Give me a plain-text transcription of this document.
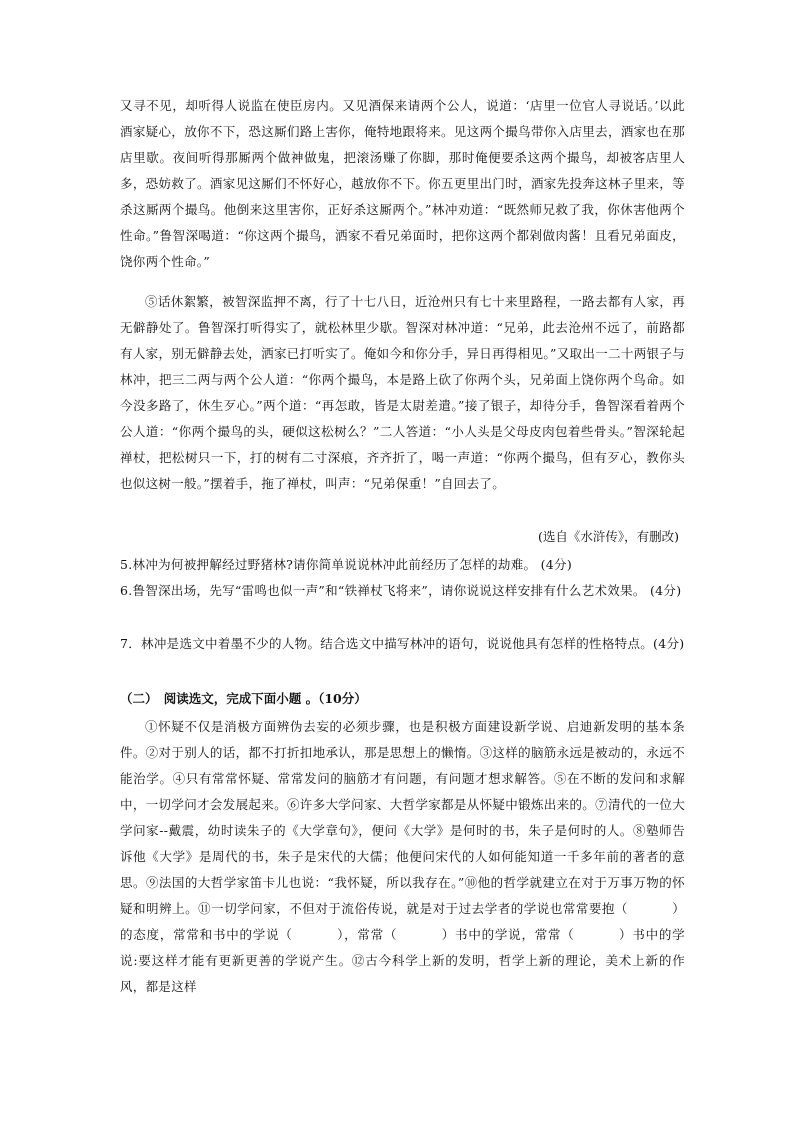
又寻不见，却听得人说监在使臣房内。又见酒保来请两个公人，说道：‘店里一位官人寻说话。’以此酒家疑心，放你不下，恐这厮们路上害你，俺特地跟将来。见这两个撮鸟带你入店里去，酒家也在那店里歇。夜间听得那厮两个做神做鬼，把滚汤赚了你脚，那时俺便要杀这两个撮鸟，却被客店里人多，恐妨救了。酒家见这厮们不怀好心，越放你不下。你五更里出门时，酒家先投奔这林子里来，等杀这厮两个撮鸟。他倒来这里害你，正好杀这厮两个。”林冲劝道：“既然师兄救了我，你休害他两个性命。”鲁智深喝道：“你这两个撮鸟，洒家不看兄弟面时，把你这两个都剁做肉酱！且看兄弟面皮，饶你两个性命。”

⑤话休絮繁，被智深监押不离，行了十七八日，近沧州只有七十来里路程，一路去都有人家，再无僻静处了。鲁智深打听得实了，就松林里少歇。智深对林冲道：“兄弟，此去沧州不远了，前路都有人家，别无僻静去处，洒家已打听实了。俺如今和你分手，异日再得相见。”又取出一二十两银子与林冲，把三二两与两个公人道：“你两个撮鸟，本是路上砍了你两个头，兄弟面上饶你两个鸟命。如今没多路了，休生歹心。”两个道：“再怎敢，皆是太尉差遣。”接了银子，却待分手，鲁智深看着两个公人道：“你两个撮鸟的头，硬似这松树么？”二人答道：“小人头是父母皮肉包着些骨头。”智深轮起禅杖，把松树只一下，打的树有二寸深痕，齐齐折了，喝一声道：“你两个撮鸟，但有歹心，教你头也似这树一般。”摆着手，拖了禅杖，叫声：“兄弟保重！”自回去了。

(选自《水浒传》，有删改)

5.林冲为何被押解经过野猪林?请你简单说说林冲此前经历了怎样的劫难。 (4分)

6.鲁智深出场，先写“雷鸣也似一声”和“铁禅杖飞将来”，请你说说这样安排有什么艺术效果。 (4分)

7．林冲是选文中着墨不少的人物。结合选文中描写林冲的语句，说说他具有怎样的性格特点。(4分)

（二）　阅读选文，完成下面小题 。（10分）

①怀疑不仅是消极方面辨伪去妄的必须步骤，也是积极方面建设新学说、启迪新发明的基本条件。②对于别人的话，都不打折扣地承认，那是思想上的懒惰。③这样的脑筋永远是被动的，永远不能治学。④只有常常怀疑、常常发问的脑筋才有问题，有问题才想求解答。⑤在不断的发问和求解中，一切学问才会发展起来。⑥许多大学问家、大哲学家都是从怀疑中锻炼出来的。⑦清代的一位大学问家--戴震，幼时读朱子的《大学章句》，便问《大学》是何时的书，朱子是何时的人。⑧塾师告诉他《大学》是周代的书，朱子是宋代的大儒；他便问宋代的人如何能知道一千多年前的著者的意思。⑨法国的大哲学家笛卡儿也说：“我怀疑，所以我存在。”⑩他的哲学就建立在对于万事万物的怀疑和明辨上。⑪一切学问家，不但对于流俗传说，就是对于过去学者的学说也常常要抱（	）的态度，常常和书中的学说（	），常常（	）书中的学说，常常（	）书中的学说:要这样才能有更新更善的学说产生。⑫古今科学上新的发明，哲学上新的理论，美术上新的作风，都是这样
